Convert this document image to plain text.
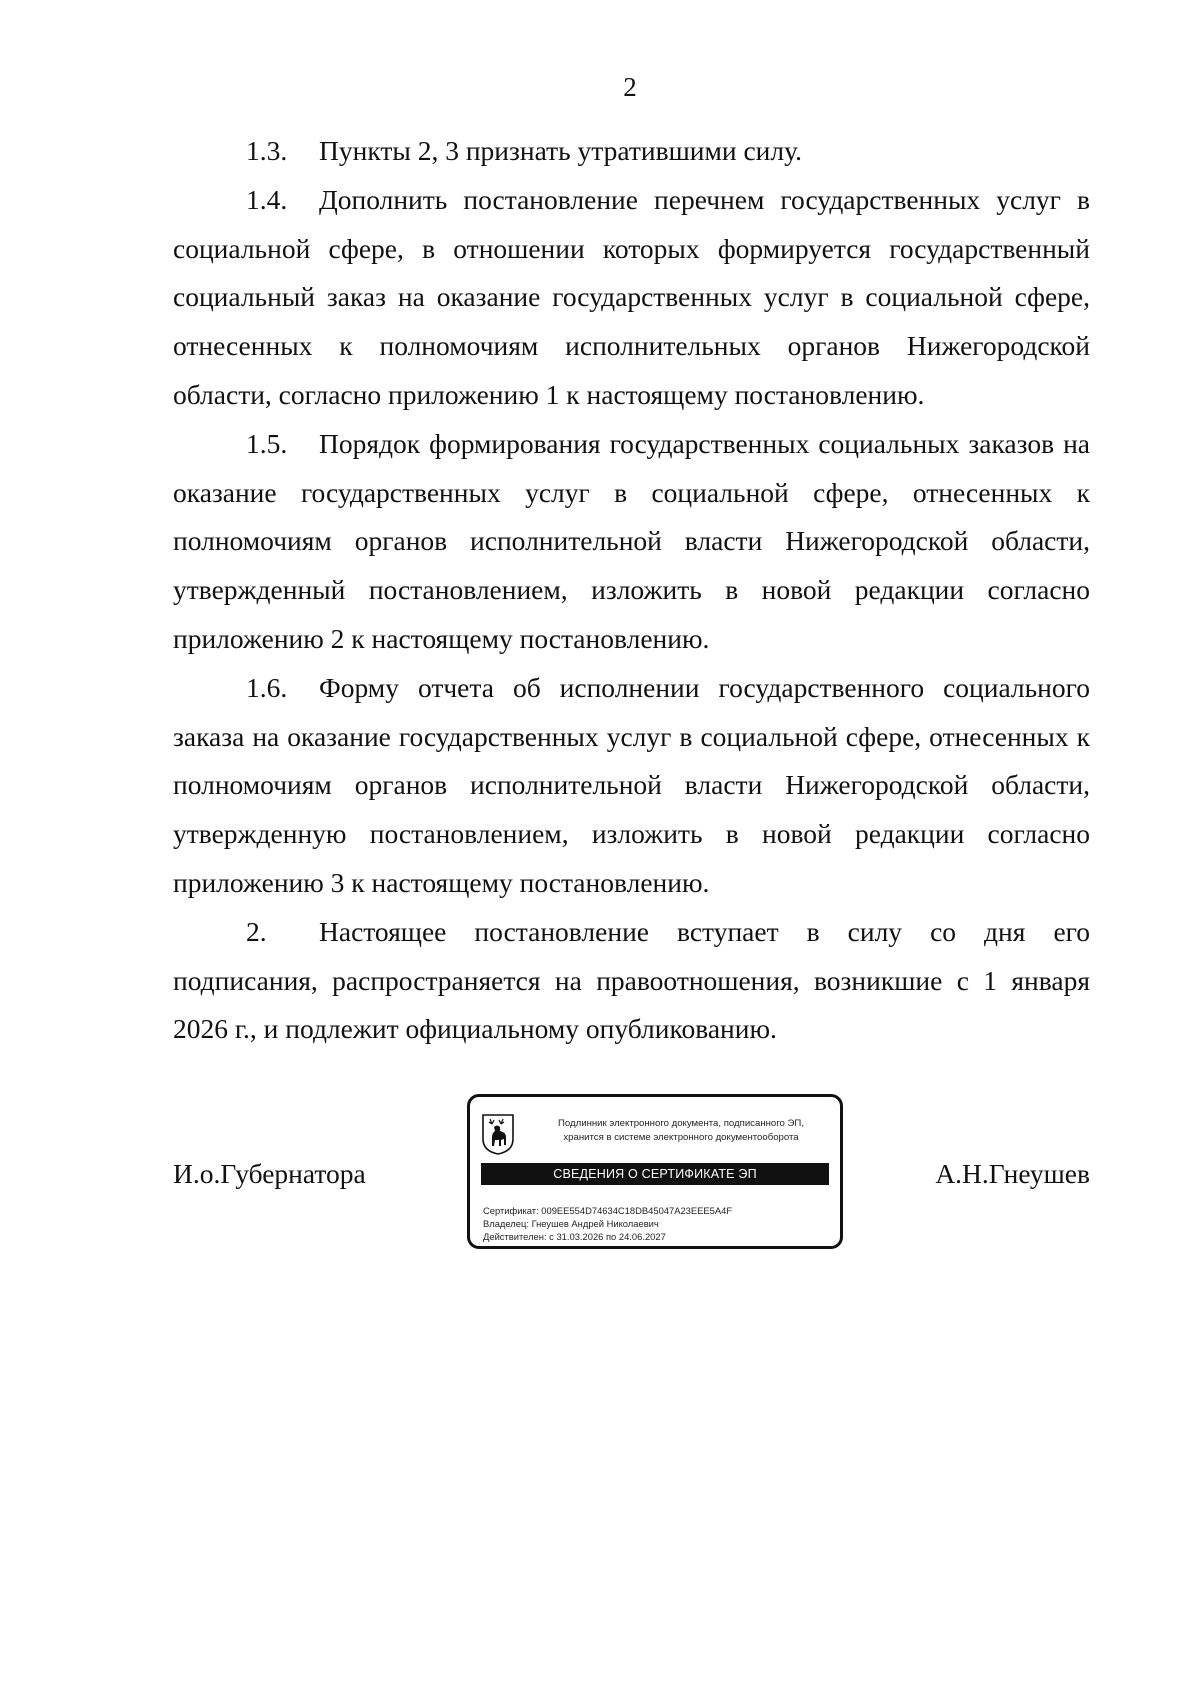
2

1.3. Пункты 2, 3 признать утратившими силу.

1.4. Дополнить постановление перечнем государственных услуг в социальной сфере, в отношении которых формируется государственный социальный заказ на оказание государственных услуг в социальной сфере, отнесенных к полномочиям исполнительных органов Нижегородской области, согласно приложению 1 к настоящему постановлению.

1.5. Порядок формирования государственных социальных заказов на оказание государственных услуг в социальной сфере, отнесенных к полномочиям органов исполнительной власти Нижегородской области, утвержденный постановлением, изложить в новой редакции согласно приложению 2 к настоящему постановлению.

1.6. Форму отчета об исполнении государственного социального заказа на оказание государственных услуг в социальной сфере, отнесенных к полномочиям органов исполнительной власти Нижегородской области, утвержденную постановлением, изложить в новой редакции согласно приложению 3 к настоящему постановлению.

2. Настоящее постановление вступает в силу со дня его подписания, распространяется на правоотношения, возникшие с 1 января 2026 г., и подлежит официальному опубликованию.

И.о.Губернатора
Подлинник электронного документа, подписанного ЭП,
хранится в системе электронного документооборота
СВЕДЕНИЯ О СЕРТИФИКАТЕ ЭП
Сертификат: 009EE554D74634C18DB45047A23EEE5A4F
Владелец: Гнеушев Андрей Николаевич
Действителен: с 31.03.2026 по 24.06.2027
А.Н.Гнеушев
